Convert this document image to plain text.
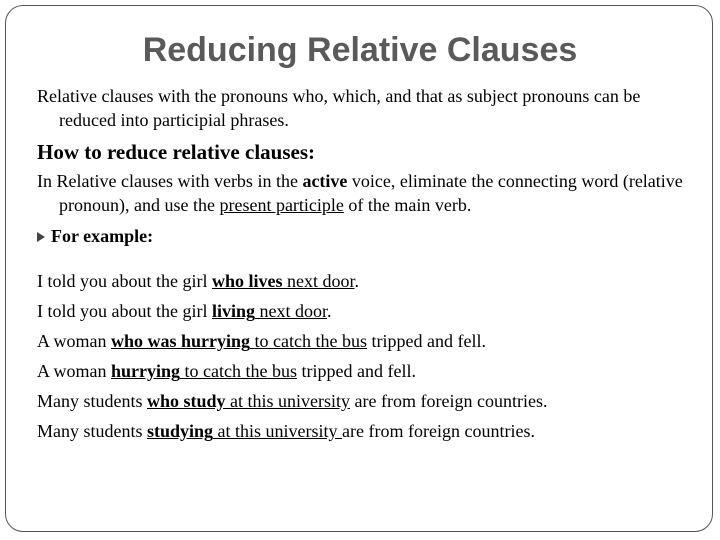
Reducing Relative Clauses
Relative clauses with the pronouns who, which, and that as subject pronouns can be reduced into participial phrases.
How to reduce relative clauses:
In Relative clauses with verbs in the active voice, eliminate the connecting word (relative pronoun), and use the present participle of the main verb.
For example:
I told you about the girl who lives next door.
I told you about the girl living next door.
A woman who was hurrying to catch the bus tripped and fell.
A woman hurrying to catch the bus tripped and fell.
Many students who study at this university are from foreign countries.
Many students studying at this university are from foreign countries.
